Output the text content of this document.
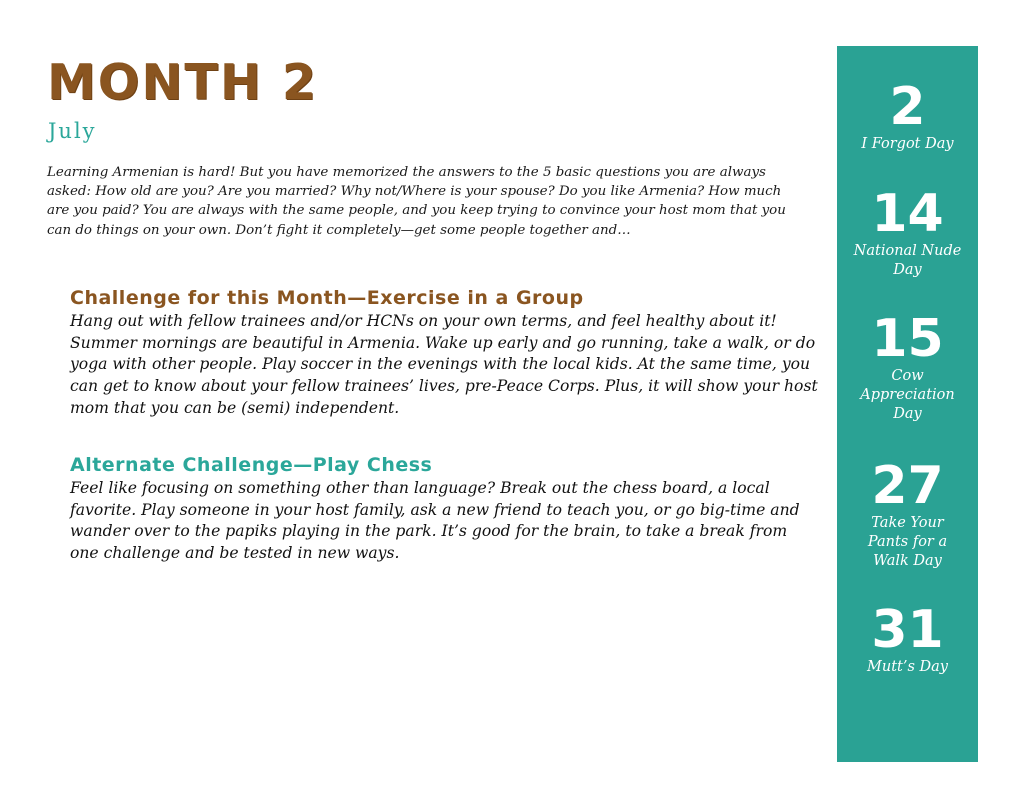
MONTH 2
July
Learning Armenian is hard! But you have memorized the answers to the 5 basic questions you are always asked: How old are you? Are you married? Why not/Where is your spouse? Do you like Armenia? How much are you paid? You are always with the same people, and you keep trying to convince your host mom that you can do things on your own. Don’t fight it completely—get some people together and…
Challenge for this Month—Exercise in a Group

Hang out with fellow trainees and/or HCNs on your own terms, and feel healthy about it! Summer mornings are beautiful in Armenia. Wake up early and go running, take a walk, or do yoga with other people. Play soccer in the evenings with the local kids. At the same time, you can get to know about your fellow trainees’ lives, pre-Peace Corps. Plus, it will show your host mom that you can be (semi) independent.

Alternate Challenge—Play Chess

Feel like focusing on something other than language? Break out the chess board, a local favorite. Play someone in your host family, ask a new friend to teach you, or go big-time and wander over to the papiks playing in the park. It’s good for the brain, to take a break from one challenge and be tested in new ways.

2
I Forgot Day
14
National Nude Day
15
Cow Appreciation Day
27
Take Your Pants for a Walk Day
31
Mutt’s Day
